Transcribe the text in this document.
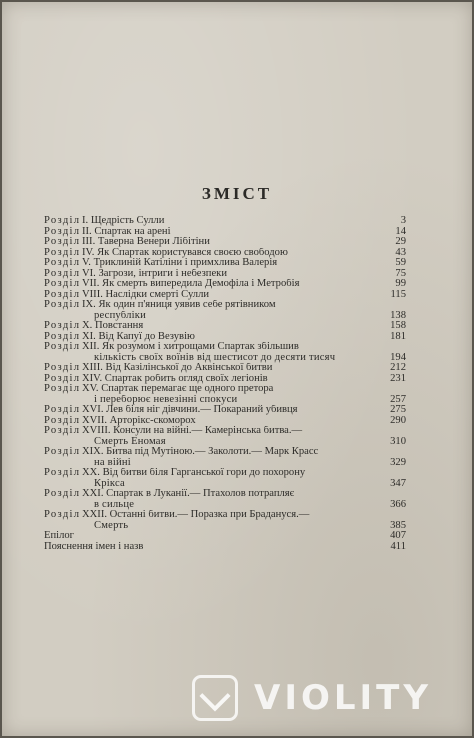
ЗМІСТ
Розділ I. Щедрість Сулли	3
Розділ II. Спартак на арені	14
Розділ III. Таверна Венери Лібітіни	29
Розділ IV. Як Спартак користувався своєю свободою	43
Розділ V. Триклиній Катіліни і примхлива Валерія	59
Розділ VI. Загрози, інтриги і небезпеки	75
Розділ VII. Як смерть випередила Демофіла і Метробія	99
Розділ VIII. Наслідки смерті Сулли	115
Розділ IX. Як один п'яниця уявив себе рятівником
республіки	138
Розділ X. Повстання	158
Розділ XI. Від Капуї до Везувію	181
Розділ XII. Як розумом і хитрощами Спартак збільшив
кількість своїх воїнів від шестисот до десяти тисяч	194
Розділ XIII. Від Казілінської до Аквінської битви	212
Розділ XIV. Спартак робить огляд своїх легіонів	231
Розділ XV. Спартак перемагає ще одного претора
і переборює невезінні спокуси	257
Розділ XVI. Лев біля ніг дівчини.— Покараний убивця	275
Розділ XVII. Арторікс-скоморох	290
Розділ XVIII. Консули на війні.— Камерінська битва.—
Смерть Еномая	310
Розділ XIX. Битва під Мутіною.— Заколоти.— Марк Красс
на війні	329
Розділ XX. Від битви біля Гарганської гори до похорону
Крікса	347
Розділ XXI. Спартак в Луканії.— Птахолов потрапляє
в сильце	366
Розділ XXII. Останні битви.— Поразка при Брадануся.—
Смерть	385
Епілог	407
Пояснення імен і назв	411
VIOLITY
